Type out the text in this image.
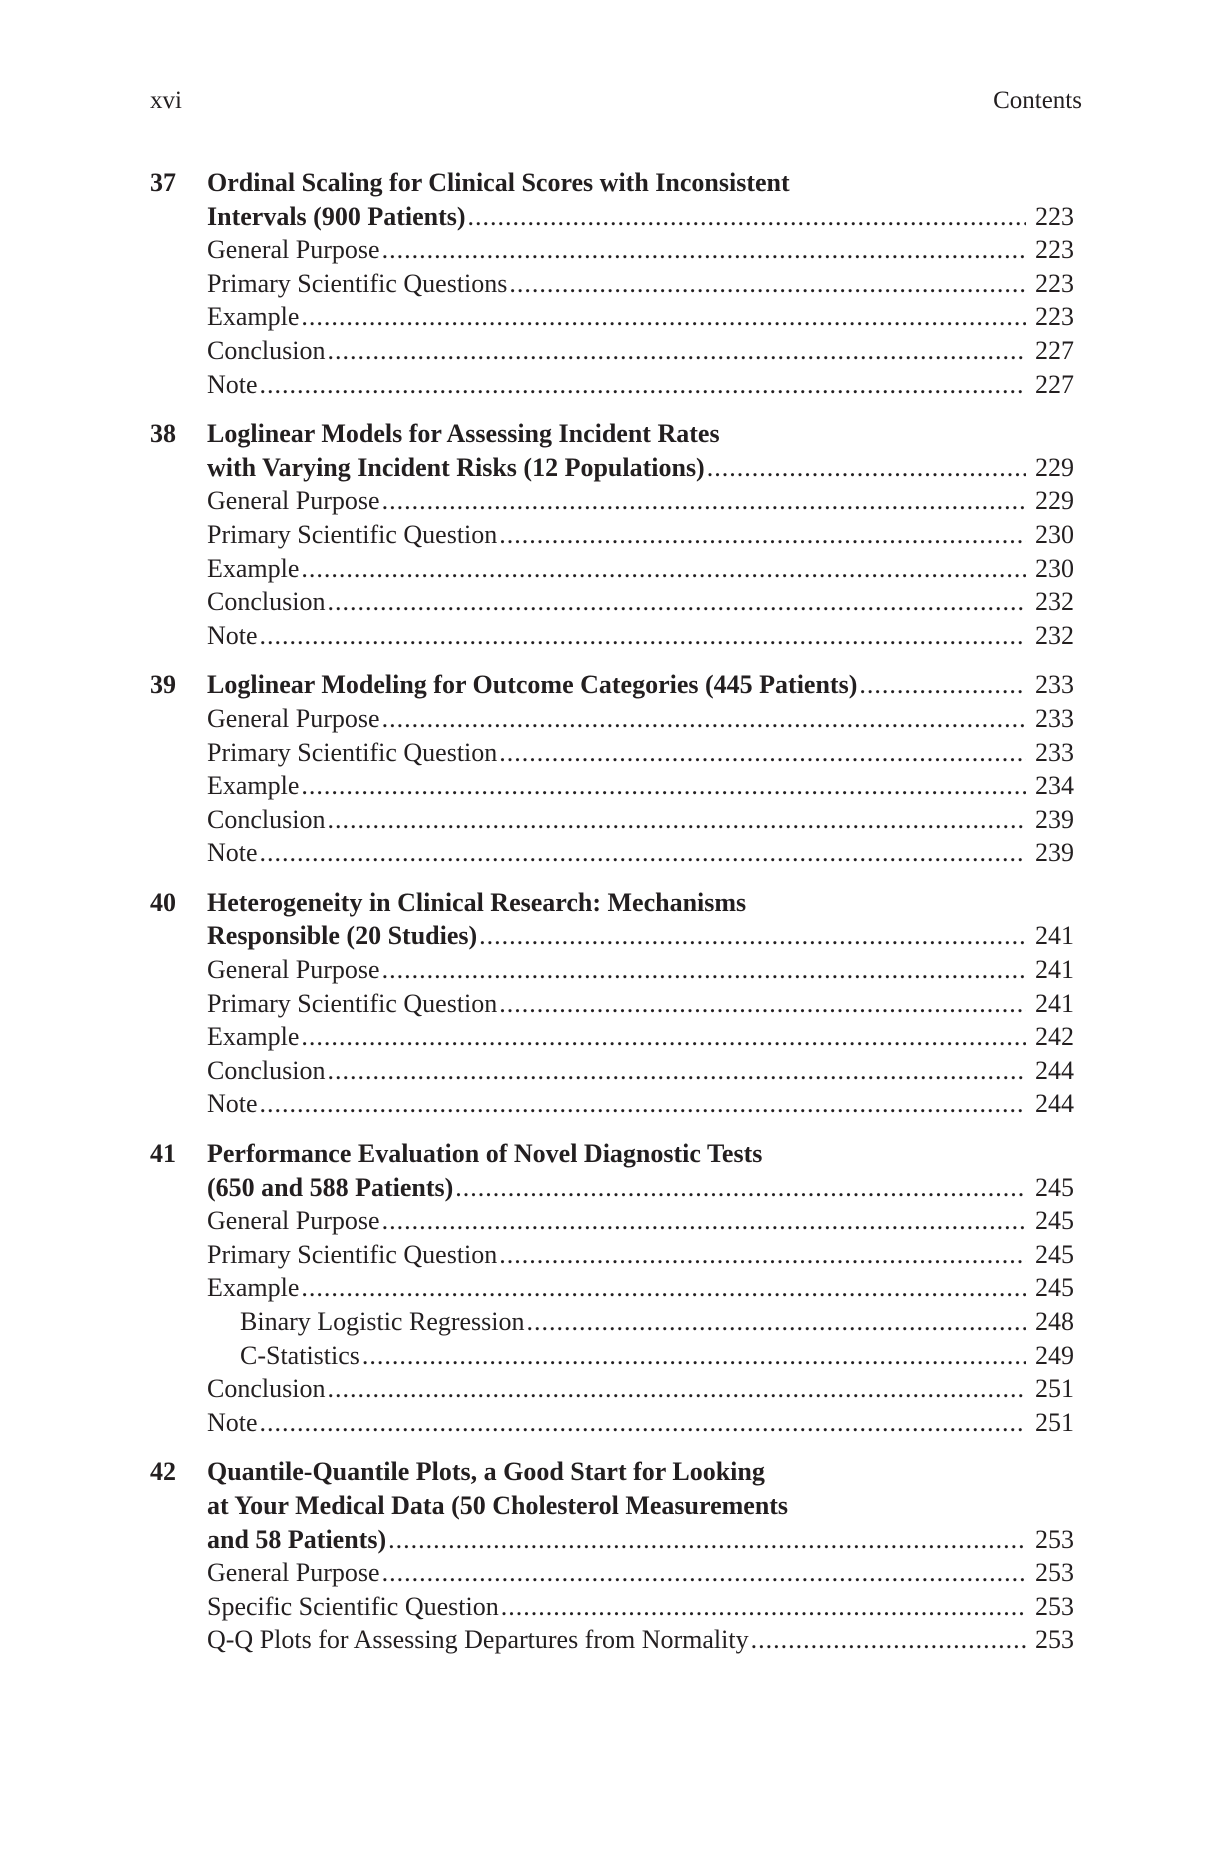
xvi	Contents
37 Ordinal Scaling for Clinical Scores with Inconsistent
Intervals (900 Patients) .....	223
General Purpose .....	223
Primary Scientific Questions .....	223
Example .....	223
Conclusion .....	227
Note .....	227
38 Loglinear Models for Assessing Incident Rates
with Varying Incident Risks (12 Populations) .....	229
General Purpose .....	229
Primary Scientific Question .....	230
Example .....	230
Conclusion .....	232
Note .....	232
39 Loglinear Modeling for Outcome Categories (445 Patients) .....	233
General Purpose .....	233
Primary Scientific Question .....	233
Example .....	234
Conclusion .....	239
Note .....	239
40 Heterogeneity in Clinical Research: Mechanisms
Responsible (20 Studies) .....	241
General Purpose .....	241
Primary Scientific Question .....	241
Example .....	242
Conclusion .....	244
Note .....	244
41 Performance Evaluation of Novel Diagnostic Tests
(650 and 588 Patients) .....	245
General Purpose .....	245
Primary Scientific Question .....	245
Example .....	245
Binary Logistic Regression .....	248
C-Statistics .....	249
Conclusion .....	251
Note .....	251
42 Quantile-Quantile Plots, a Good Start for Looking
at Your Medical Data (50 Cholesterol Measurements
and 58 Patients) .....	253
General Purpose .....	253
Specific Scientific Question .....	253
Q-Q Plots for Assessing Departures from Normality .....	253
